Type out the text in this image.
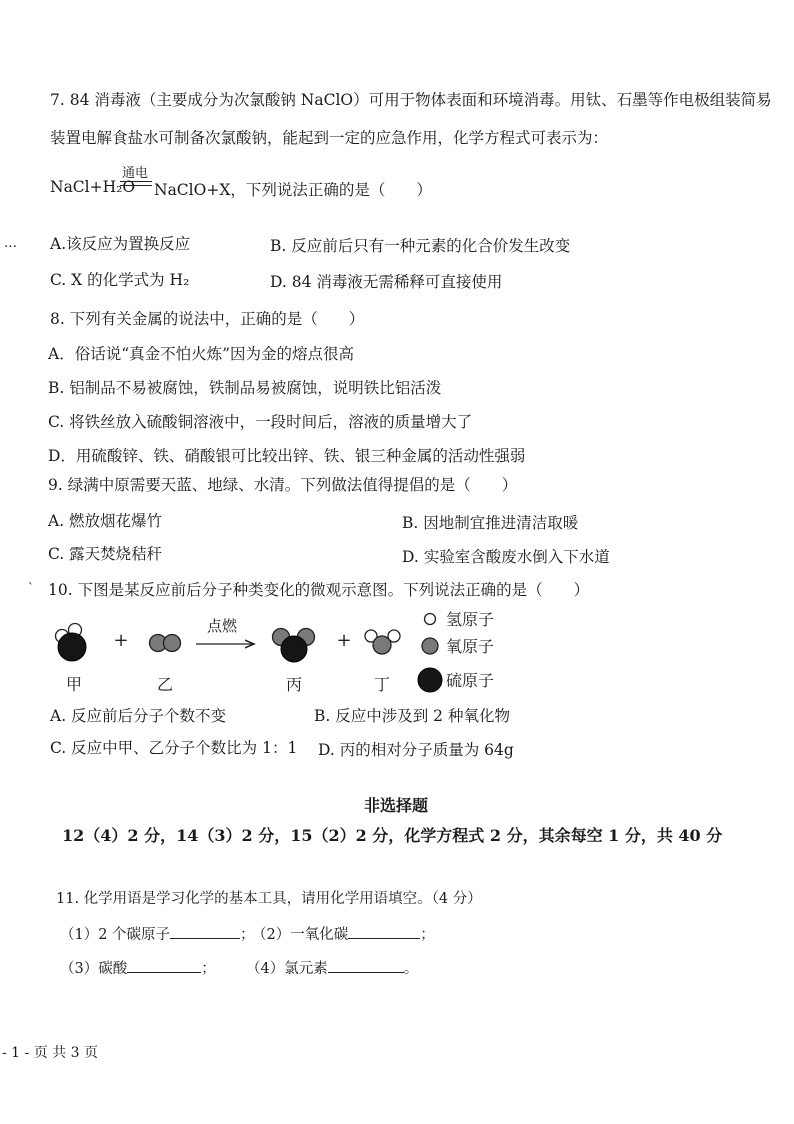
7. 84 消毒液（主要成分为次氯酸钠 NaClO）可用于物体表面和环境消毒。用钛、石墨等作电极组装简易
装置电解食盐水可制备次氯酸钠，能起到一定的应急作用，化学方程式可表示为：
NaCl+H₂O
通电
NaClO+X，下列说法正确的是（　　）
… A.该反应为置换反应	B. 反应前后只有一种元素的化合价发生改变
C. X 的化学式为 H₂	D. 84 消毒液无需稀释可直接使用
8. 下列有关金属的说法中，正确的是（　　）
A．俗话说“真金不怕火炼”因为金的熔点很高
B. 铝制品不易被腐蚀，铁制品易被腐蚀，说明铁比铝活泼
C. 将铁丝放入硫酸铜溶液中，一段时间后，溶液的质量增大了
D．用硫酸锌、铁、硝酸银可比较出锌、铁、银三种金属的活动性强弱
9. 绿满中原需要天蓝、地绿、水清。下列做法值得提倡的是（　　）
A. 燃放烟花爆竹	B. 因地制宜推进清洁取暖
C. 露天焚烧秸秆	D. 实验室含酸废水倒入下水道
` 10. 下图是某反应前后分子种类变化的微观示意图。下列说法正确的是（　　）
+
点燃
+
甲	乙	丙	丁
氢原子
氧原子
硫原子
A. 反应前后分子个数不变	B. 反应中涉及到 2 种氧化物
C. 反应中甲、乙分子个数比为 1：1 D. 丙的相对分子质量为 64g
非选择题
12（4）2 分，14（3）2 分，15（2）2 分，化学方程式 2 分，其余每空 1 分，共 40 分
11. 化学用语是学习化学的基本工具，请用化学用语填空。（4 分）
（1）2 个碳原子	；
（2）一氧化碳	；
（3）碳酸	； （4）氯元素	。
- 1 - 页 共 3 页
